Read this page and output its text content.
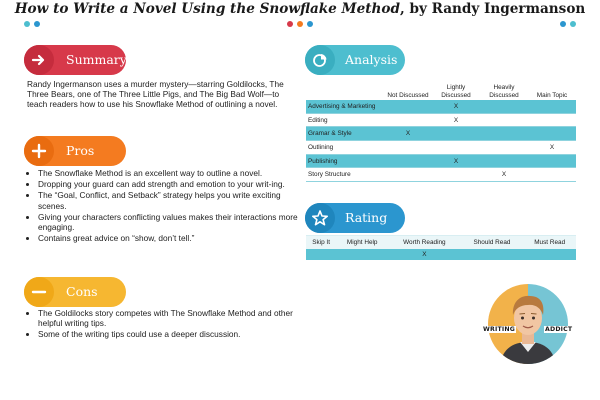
How to Write a Novel Using the Snowflake Method, by Randy Ingermanson
Summary
Randy Ingermanson uses a murder mystery—starring Goldilocks, The Three Bears, one of The Three Little Pigs, and The Big Bad Wolf—to teach readers how to use his Snowflake Method of outlining a novel.
Pros
• The Snowflake Method is an excellent way to outline a novel.
• Dropping your guard can add strength and emotion to your writ-ing.
• The “Goal, Conflict, and Setback” strategy helps you write exciting scenes.
• Giving your characters conflicting values makes their interactions more engaging.
• Contains great advice on “show, don’t tell.”
Cons
• The Goldilocks story competes with The Snowflake Method and other helpful writing tips.
• Some of the writing tips could use a deeper discussion.
Analysis
	Not Discussed	Lightly Discussed	Heavily Discussed	Main Topic
Advertising & Marketing		X		
Editing		X		
Gramar & Style	X			
Outlining				X
Publishing		X		
Story Structure			X	
Rating
Skip It	Might Help	Worth Reading	Should Read	Must Read
		X		
WRITING	ADDICT
